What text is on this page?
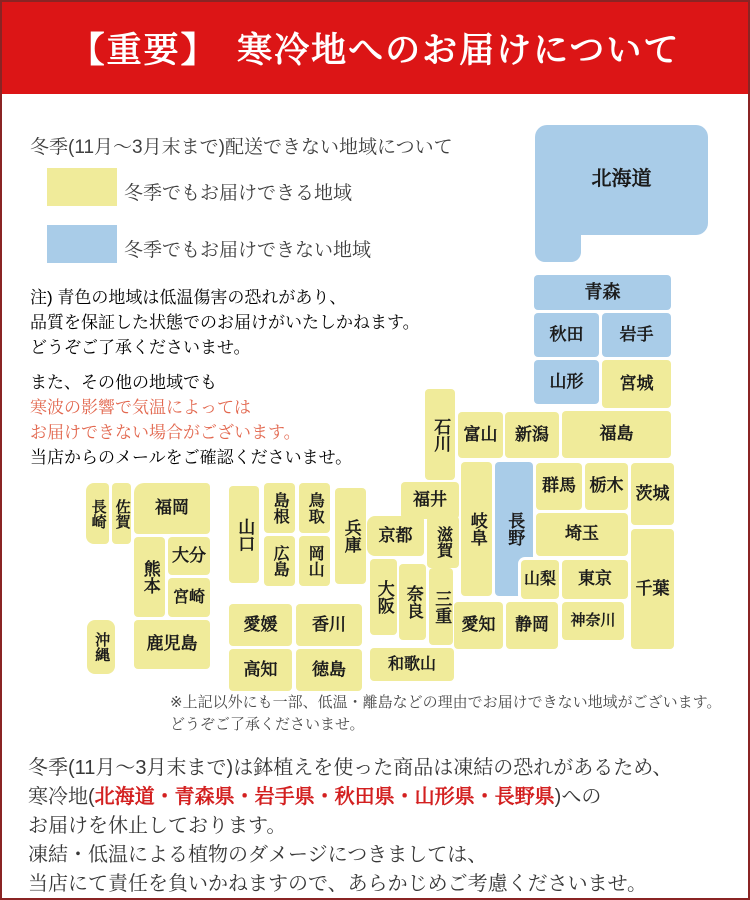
【重要】　寒冷地へのお届けについて
冬季(11月～3月末まで)配送できない地域について
冬季でもお届けできる地域
冬季でもお届けできない地域
注) 青色の地域は低温傷害の恐れがあり、
品質を保証した状態でのお届けがいたしかねます。
どうぞご了承くださいませ。
また、その他の地域でも
寒波の影響で気温によっては
お届けできない場合がございます。
当店からのメールをご確認くださいませ。
北海道
青森
秋田	岩手
山形	宮城
石川 富山	新潟	福島
長野
岐阜
群馬 栃木 茨城
埼玉
千葉
山梨	東京
神奈川
静岡
愛知
福井
京都	滋賀
大阪 奈良 三重
和歌山
兵庫
鳥取
島根
広島	岡山
山口
愛媛	香川
高知	徳島
福岡
佐賀
長崎
熊本
大分
宮崎
鹿児島
沖縄
※上記以外にも一部、低温・離島などの理由でお届けできない地域がございます。
どうぞご了承くださいませ。
冬季(11月～3月末まで)は鉢植えを使った商品は凍結の恐れがあるため、
寒冷地(北海道・青森県・岩手県・秋田県・山形県・長野県)への
お届けを休止しております。
凍結・低温による植物のダメージにつきましては、
当店にて責任を負いかねますので、あらかじめご考慮くださいませ。
